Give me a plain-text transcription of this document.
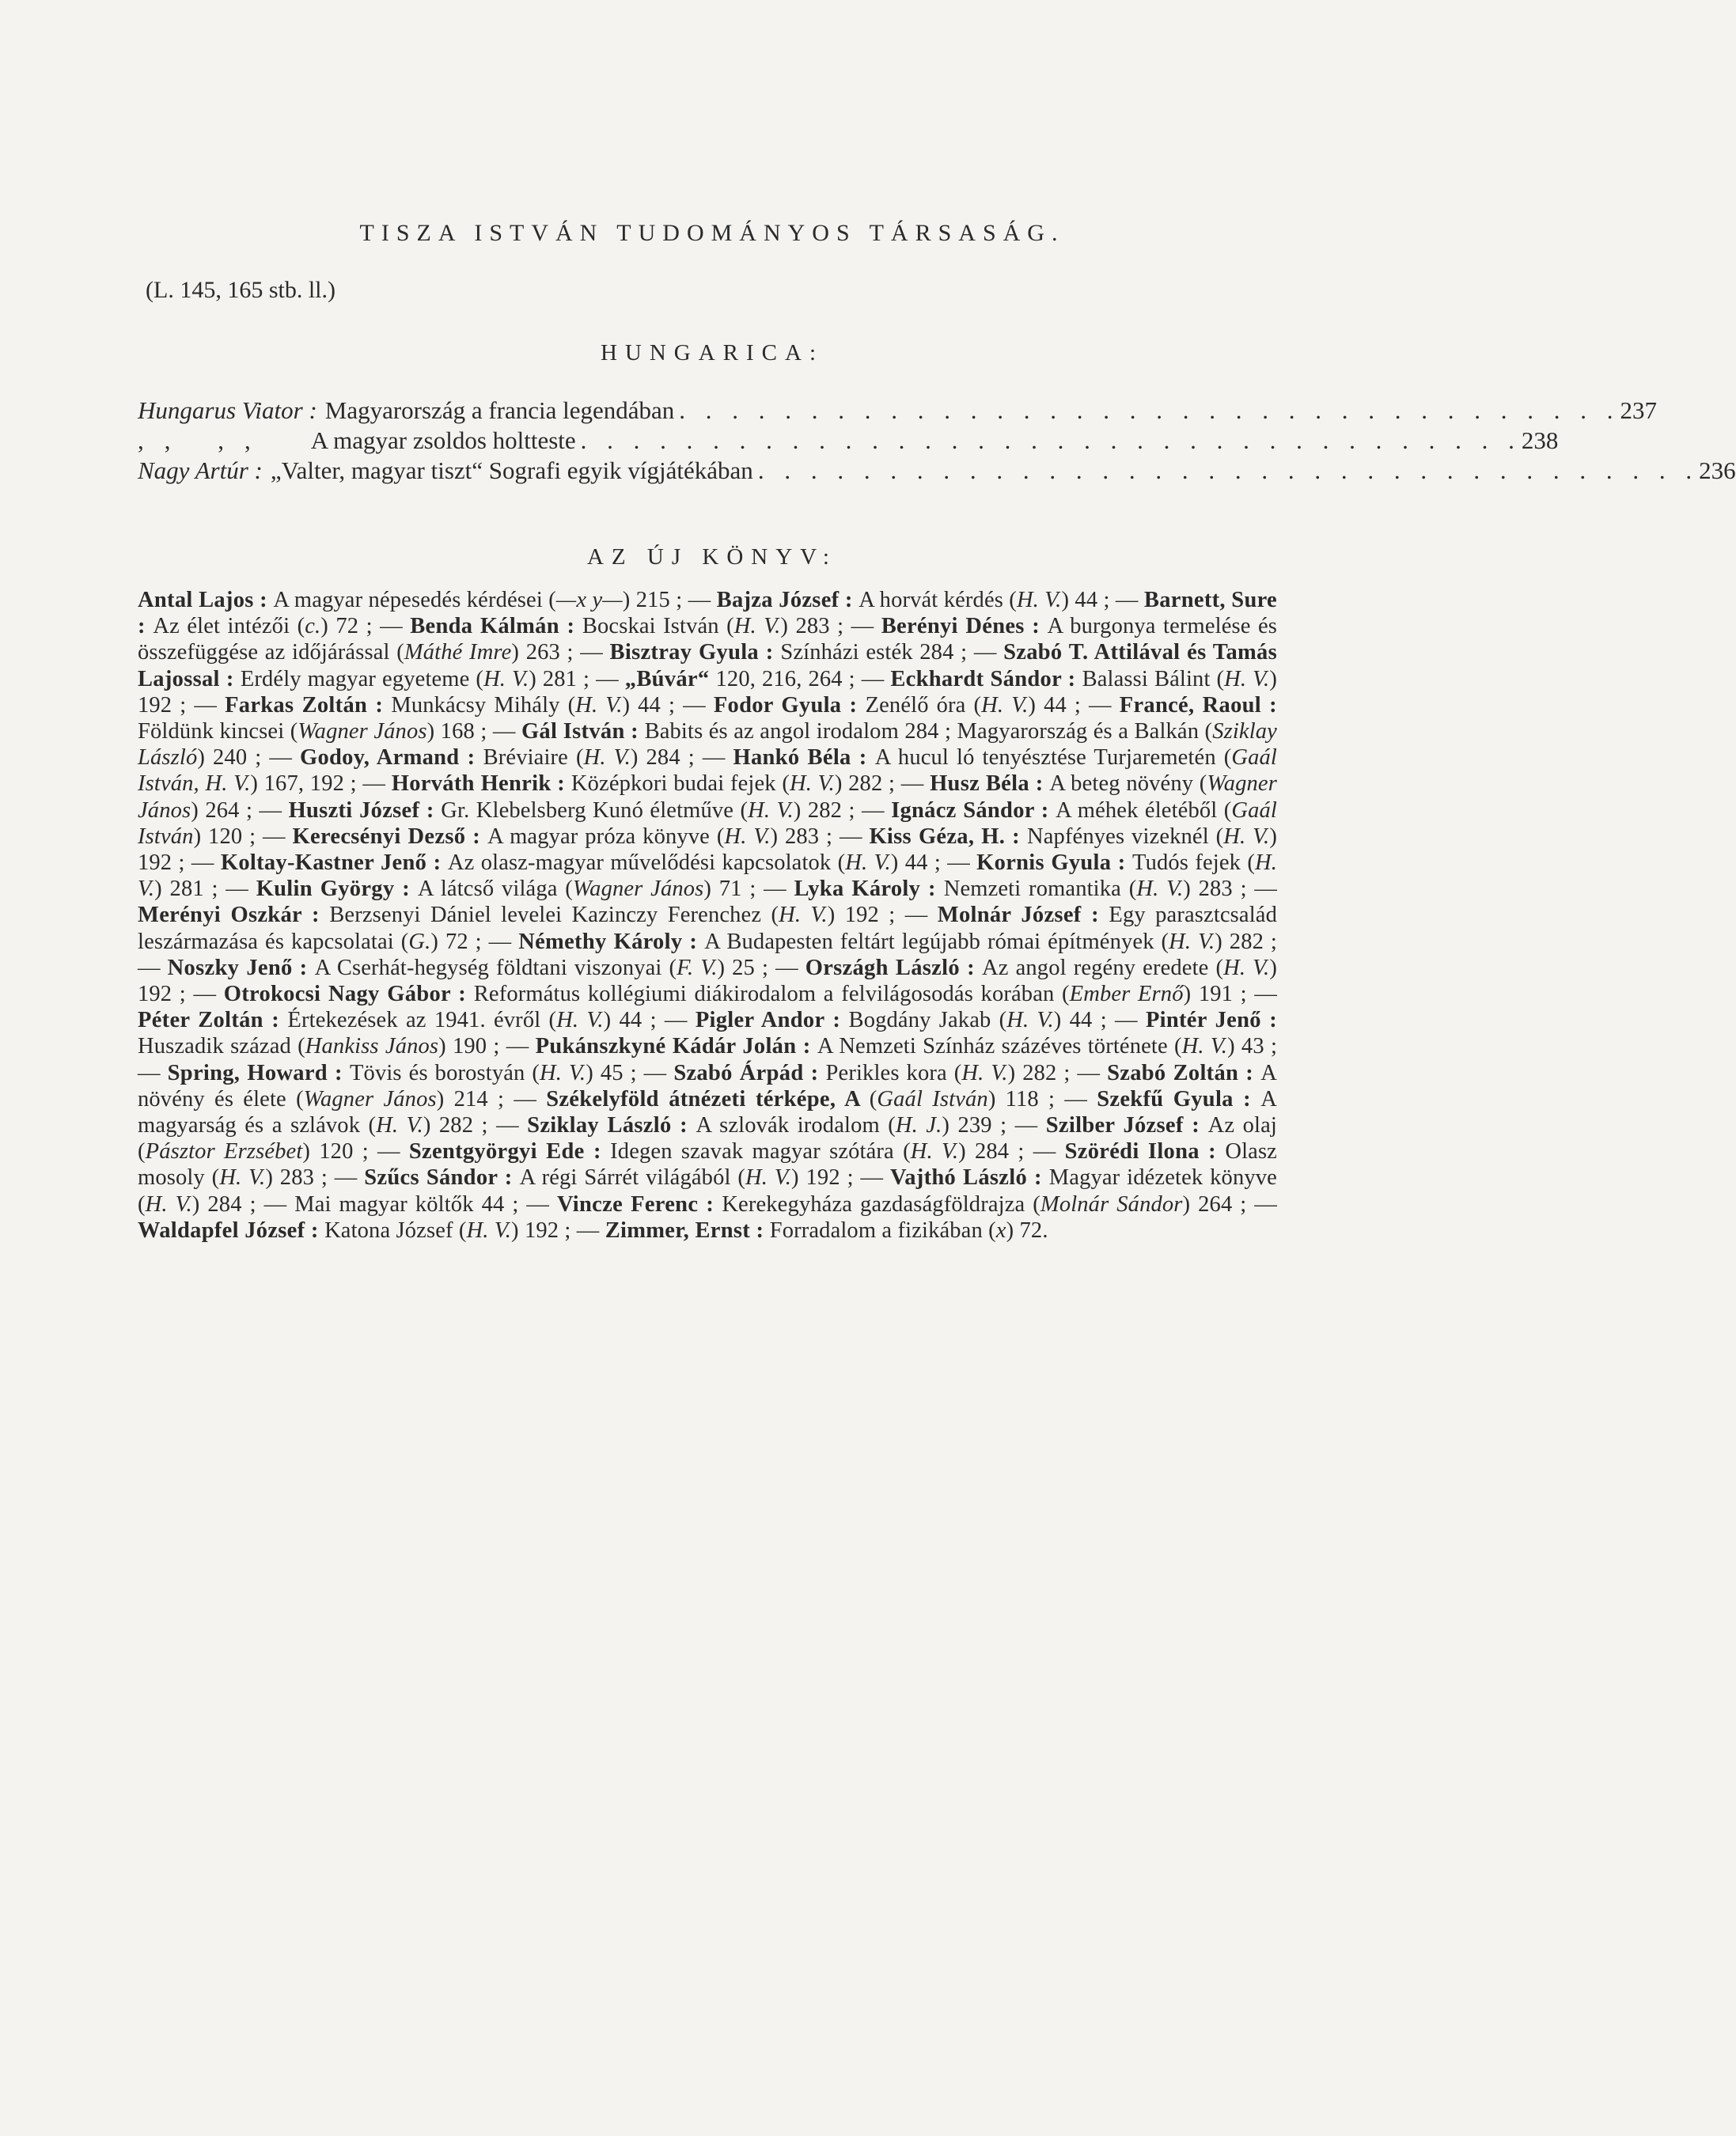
TISZA ISTVÁN TUDOMÁNYOS TÁRSASÁG.
(L. 145, 165 stb. ll.)
HUNGARICA:
Hungarus Viator : Magyarország a francia legendában . . . . . . . . . . . . . . . . . . . . . . . . . . . . . . . . . . . . 237
,, ,, A magyar zsoldos holtteste . . . . . . . . . . . . . . . . . . . . . . . . . . . . . . . . . . . . 238
Nagy Artúr : „Valter, magyar tiszt“ Sografi egyik vígjátékában . . . . . . . . . . . . . . . . . . . . . . . . . . . . . . . . . . . . 236
AZ ÚJ KÖNYV:
Antal Lajos : A magyar népesedés kérdései (—x y—) 215 ; — Bajza József : A horvát kérdés (H. V.) 44 ; — Barnett, Sure : Az élet intézői (c.) 72 ; — Benda Kálmán : Bocskai István (H. V.) 283 ; — Berényi Dénes : A burgonya termelése és összefüggése az időjárással (Máthé Imre) 263 ; — Bisztray Gyula : Színházi esték 284 ; — Szabó T. Attilával és Tamás Lajossal : Erdély magyar egyeteme (H. V.) 281 ; — „Búvár“ 120, 216, 264 ; — Eckhardt Sándor : Balassi Bálint (H. V.) 192 ; — Farkas Zoltán : Munkácsy Mihály (H. V.) 44 ; — Fodor Gyula : Zenélő óra (H. V.) 44 ; — Francé, Raoul : Földünk kincsei (Wagner János) 168 ; — Gál István : Babits és az angol irodalom 284 ; Magyarország és a Balkán (Sziklay László) 240 ; — Godoy, Armand : Bréviaire (H. V.) 284 ; — Hankó Béla : A hucul ló tenyésztése Turjaremetén (Gaál István, H. V.) 167, 192 ; — Horváth Henrik : Középkori budai fejek (H. V.) 282 ; — Husz Béla : A beteg növény (Wagner János) 264 ; — Huszti József : Gr. Klebelsberg Kunó életműve (H. V.) 282 ; — Ignácz Sándor : A méhek életéből (Gaál István) 120 ; — Kerecsényi Dezső : A magyar próza könyve (H. V.) 283 ; — Kiss Géza, H. : Napfényes vizeknél (H. V.) 192 ; — Koltay-Kastner Jenő : Az olasz-magyar művelődési kapcsolatok (H. V.) 44 ; — Kornis Gyula : Tudós fejek (H. V.) 281 ; — Kulin György : A látcső világa (Wagner János) 71 ; — Lyka Károly : Nemzeti romantika (H. V.) 283 ; — Merényi Oszkár : Berzsenyi Dániel levelei Kazinczy Ferenchez (H. V.) 192 ; — Molnár József : Egy parasztcsalád leszármazása és kapcsolatai (G.) 72 ; — Némethy Károly : A Budapesten feltárt legújabb római építmények (H. V.) 282 ; — Noszky Jenő : A Cserhát-hegység földtani viszonyai (F. V.) 25 ; — Országh László : Az angol regény eredete (H. V.) 192 ; — Otrokocsi Nagy Gábor : Református kollégiumi diákirodalom a felvilágosodás korában (Ember Ernő) 191 ; — Péter Zoltán : Értekezések az 1941. évről (H. V.) 44 ; — Pigler Andor : Bogdány Jakab (H. V.) 44 ; — Pintér Jenő : Huszadik század (Hankiss János) 190 ; — Pukánszkyné Kádár Jolán : A Nemzeti Színház százéves története (H. V.) 43 ; — Spring, Howard : Tövis és borostyán (H. V.) 45 ; — Szabó Árpád : Perikles kora (H. V.) 282 ; — Szabó Zoltán : A növény és élete (Wagner János) 214 ; — Székelyföld átnézeti térképe, A (Gaál István) 118 ; — Szekfű Gyula : A magyarság és a szlávok (H. V.) 282 ; — Sziklay László : A szlovák irodalom (H. J.) 239 ; — Szilber József : Az olaj (Pásztor Erzsébet) 120 ; — Szentgyörgyi Ede : Idegen szavak magyar szótára (H. V.) 284 ; — Szörédi Ilona : Olasz mosoly (H. V.) 283 ; — Szűcs Sándor : A régi Sárrét világából (H. V.) 192 ; — Vajthó László : Magyar idézetek könyve (H. V.) 284 ; — Mai magyar költők 44 ; — Vincze Ferenc : Kerekegyháza gazdaságföldrajza (Molnár Sándor) 264 ; — Waldapfel József : Katona József (H. V.) 192 ; — Zimmer, Ernst : Forradalom a fizikában (x) 72.
